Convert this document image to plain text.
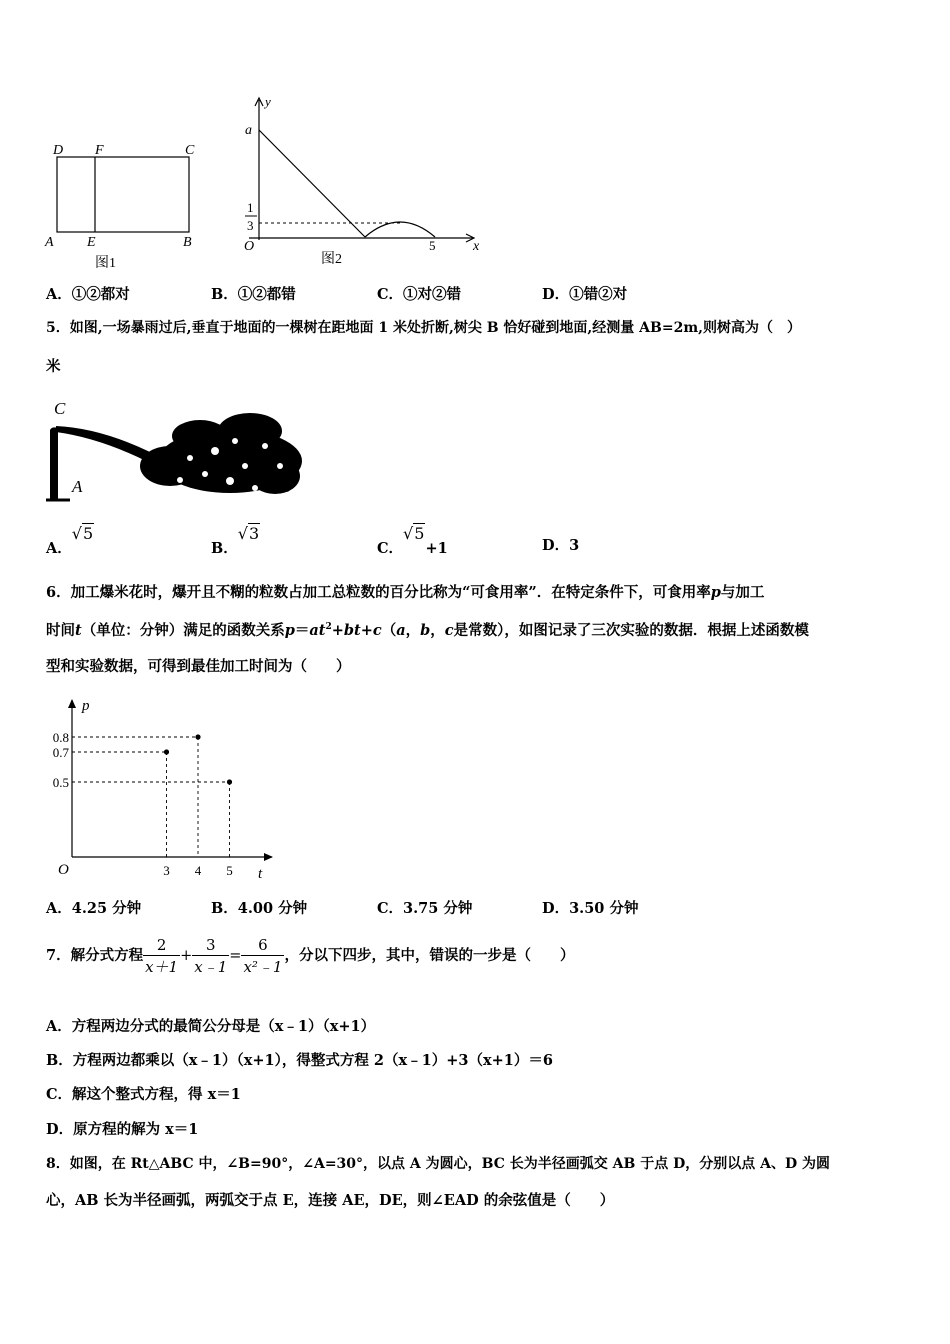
D F	C
A E	B
图1
y
a
1
3
O	5	x
图2
A．①②都对	B．①②都错	C．①对②错	D．①错②对
5．如图,一场暴雨过后,垂直于地面的一棵树在距地面 1 米处折断,树尖 B 恰好碰到地面,经测量 AB=2m,则树高为（　）
米
C
A	B
A．√5
B．√3
C．√5+1	D．3
6．加工爆米花时，爆开且不糊的粒数占加工总粒数的百分比称为“可食用率”．在特定条件下，可食用率p与加工
时间t（单位：分钟）满足的函数关系$p=at^2+bt+c(a$，b，c是常数），如图记录了三次实验的数据．根据上述函数模
型和实验数据，可得到最佳加工时间为（　　）
p
t
O
0.8
0.7
0.5
3 4 5
A．4.25 分钟	B．4.00 分钟	C．3.75 分钟	D．3.50 分钟
7．解分式方程 $\frac{2}{x+1} + \frac{3}{x﹣1} = \frac{6}{\text{x²﹣1}}$ ，分以下四步，其中，错误的一步是（　　）
A．方程两边分式的最简公分母是（x﹣1）（x+1）
B．方程两边都乘以（x﹣1）（x+1），得整式方程 2（x﹣1）+3（x+1）＝6
C．解这个整式方程，得 x＝1
D．原方程的解为 x＝1
8．如图，在 Rt△ABC 中，∠B=90°，∠A=30°，以点 A 为圆心，BC 长为半径画弧交 AB 于点 D，分别以点 A、D 为圆
心，AB 长为半径画弧，两弧交于点 E，连接 AE，DE，则∠EAD 的余弦值是（　　）
